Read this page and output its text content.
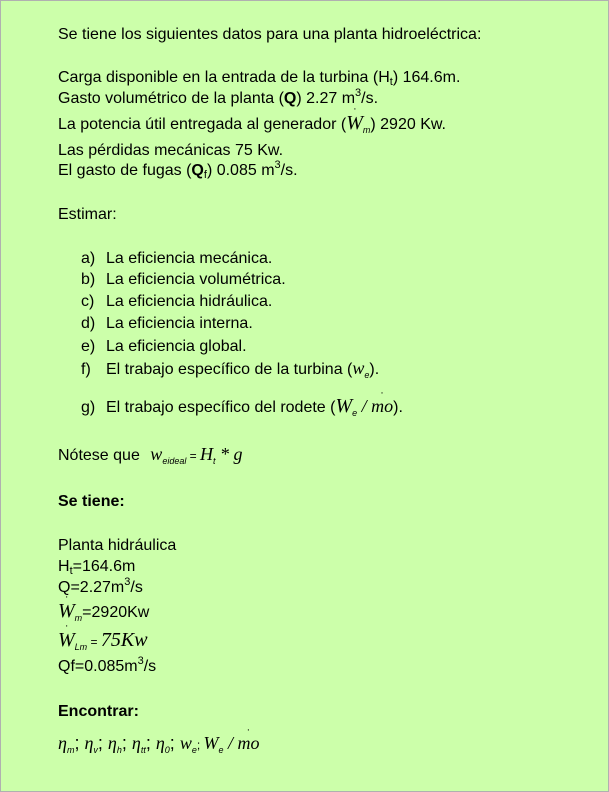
Se tiene los siguientes datos para una planta hidroeléctrica:
Carga disponible en la entrada de la turbina $(H_t)$ 164.6m.
Gasto volumétrico de la planta (Q) 2.27 $m^3/s$.
La potencia útil entregada al generador (˙ $W_m$) 2920 Kw.
Las pérdidas mecánicas 75 Kw.
El gasto de fugas $(Q_f)$ 0.085 $m^3/s$.
Estimar:
a) La eficiencia mecánica.
b) La eficiencia volumétrica.
c) La eficiencia hidráulica.
d) La eficiencia interna.
e) La eficiencia global.
f) El trabajo específico de la turbina $(w_e)$.
g) El trabajo específico del rodete ($W_e$ / ˙ mo).
Nótese que $w_{eideal} = H_t * g$
Se tiene:
Planta hidráulica
$H_t=164.6m$
$Q=2.27m^3/s$
˙ $W_m=2920Kw$
˙ $W_{Lm} = 75Kw$
$Qf=0.085m^3/s$
Encontrar:
$\eta_m$; $\eta_v$; $\eta_h$; $\eta_{tt}$; $\eta_0$; $w_e$; $W_e$ / ˙ mo
